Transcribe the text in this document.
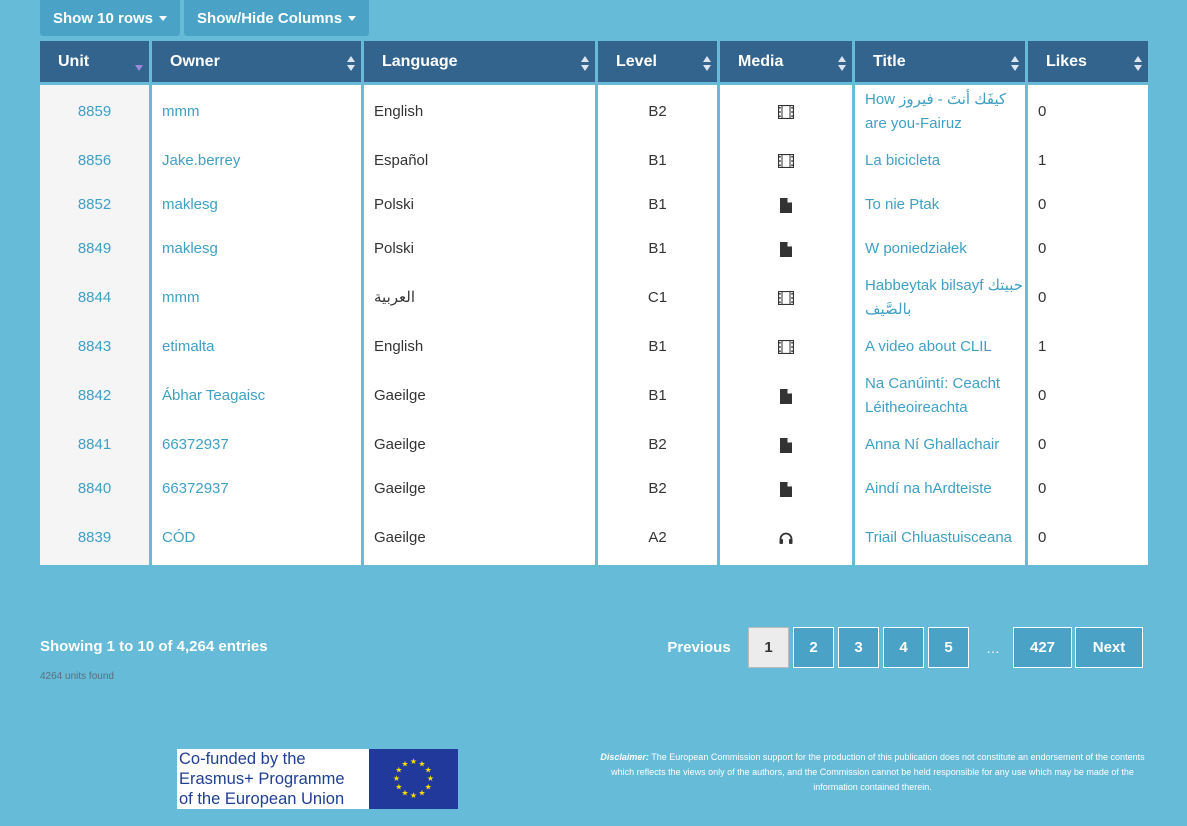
Show 10 rows	Show/Hide Columns
Unit	Owner	Language	Level	Media	Title	Likes

8859	mmm	English	B2		كيفَك أنتَ - فيروز How are you-Fairuz	0
8856	Jake.berrey	Español	B1		La bicicleta	1
8852	maklesg	Polski	B1		To nie Ptak	0
8849	maklesg	Polski	B1		W poniedziałek	0
8844	mmm	العربية	C1		Habbeytak bilsayf حبيتك بالصَّيف	0
8843	etimalta	English	B1		A video about CLIL	1
8842	Ábhar Teagaisc	Gaeilge	B1		Na Canúintí: Ceacht Léitheoireachta	0
8841	66372937	Gaeilge	B2		Anna Ní Ghallachair	0
8840	66372937	Gaeilge	B2		Aindí na hArdteiste	0
8839	CÓD	Gaeilge	A2		Triail Chluastuisceana	0
Showing 1 to 10 of 4,264 entries
4264 units found
Previous	1	2	3	4	5	…	427	Next
Co-funded by the
Erasmus+ Programme
of the European Union
★ ★
★
★
★
★
★
★
★
★
★
★
Disclaimer: The European Commission support for the production of this publication does not constitute an endorsement of the contents which reflects the views only of the authors, and the Commission cannot be held responsible for any use which may be made of the information contained therein.
